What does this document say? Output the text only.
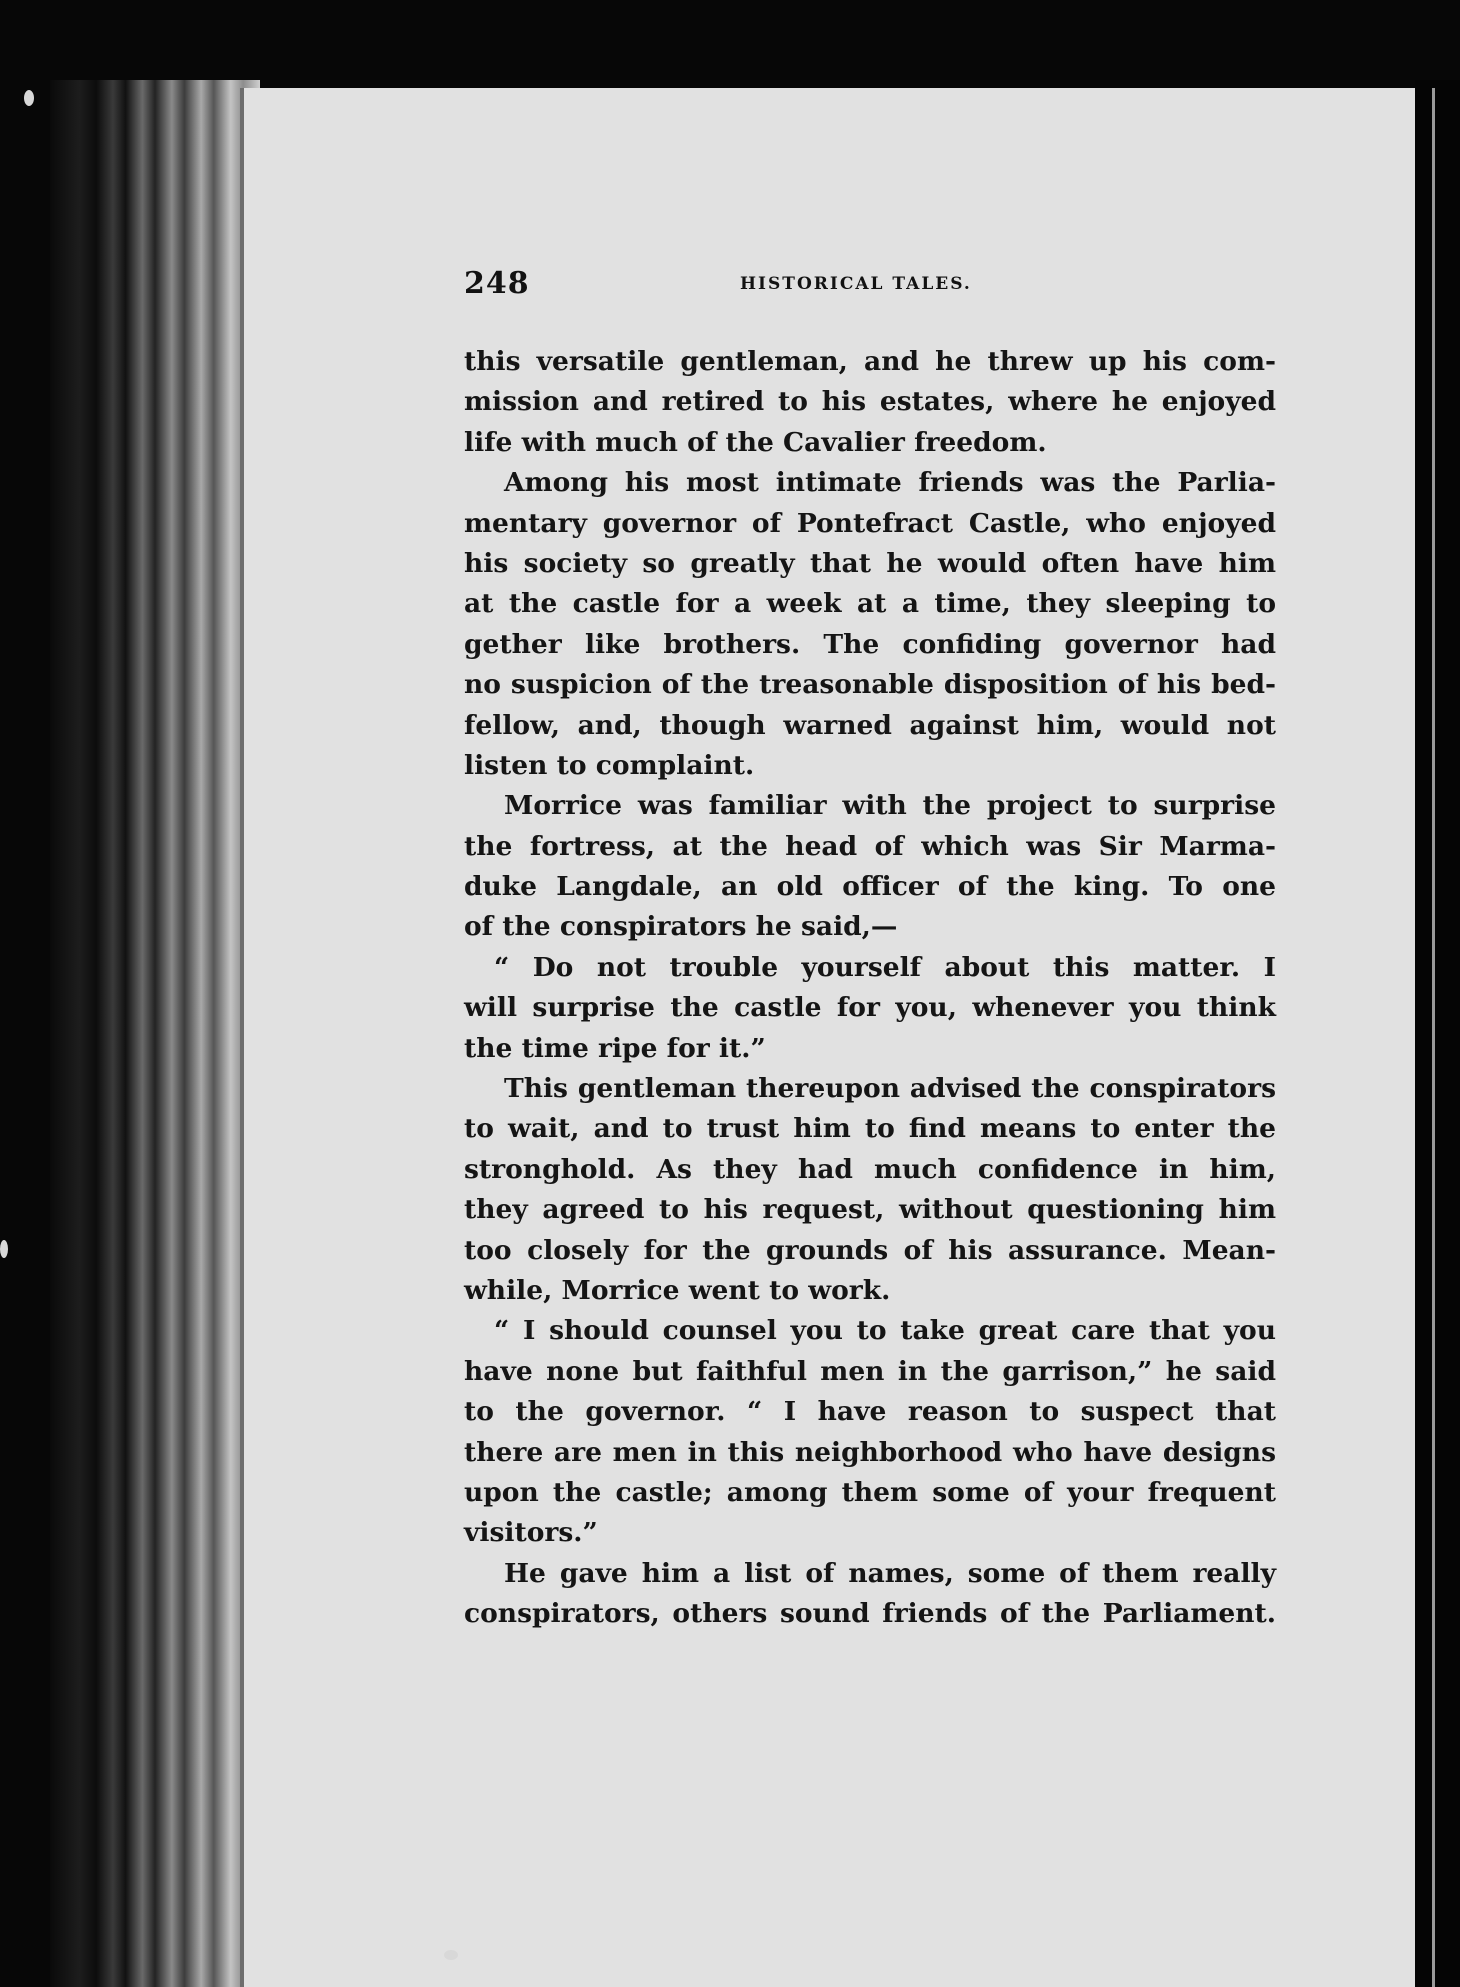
248	HISTORICAL TALES.
this versatile gentleman, and he threw up his com-
mission and retired to his estates, where he enjoyed
life with much of the Cavalier freedom.
Among his most intimate friends was the Parlia-
mentary governor of Pontefract Castle, who enjoyed
his society so greatly that he would often have him
at the castle for a week at a time, they sleeping to
gether like brothers. The confiding governor had
no suspicion of the treasonable disposition of his bed-
fellow, and, though warned against him, would not
listen to complaint.
Morrice was familiar with the project to surprise
the fortress, at the head of which was Sir Marma-
duke Langdale, an old officer of the king. To one
of the conspirators he said,—
“ Do not trouble yourself about this matter. I
will surprise the castle for you, whenever you think
the time ripe for it.”
This gentleman thereupon advised the conspirators
to wait, and to trust him to find means to enter the
stronghold. As they had much confidence in him,
they agreed to his request, without questioning him
too closely for the grounds of his assurance. Mean-
while, Morrice went to work.
“ I should counsel you to take great care that you
have none but faithful men in the garrison,” he said
to the governor. “ I have reason to suspect that
there are men in this neighborhood who have designs
upon the castle; among them some of your frequent
visitors.”
He gave him a list of names, some of them really
conspirators, others sound friends of the Parliament.
